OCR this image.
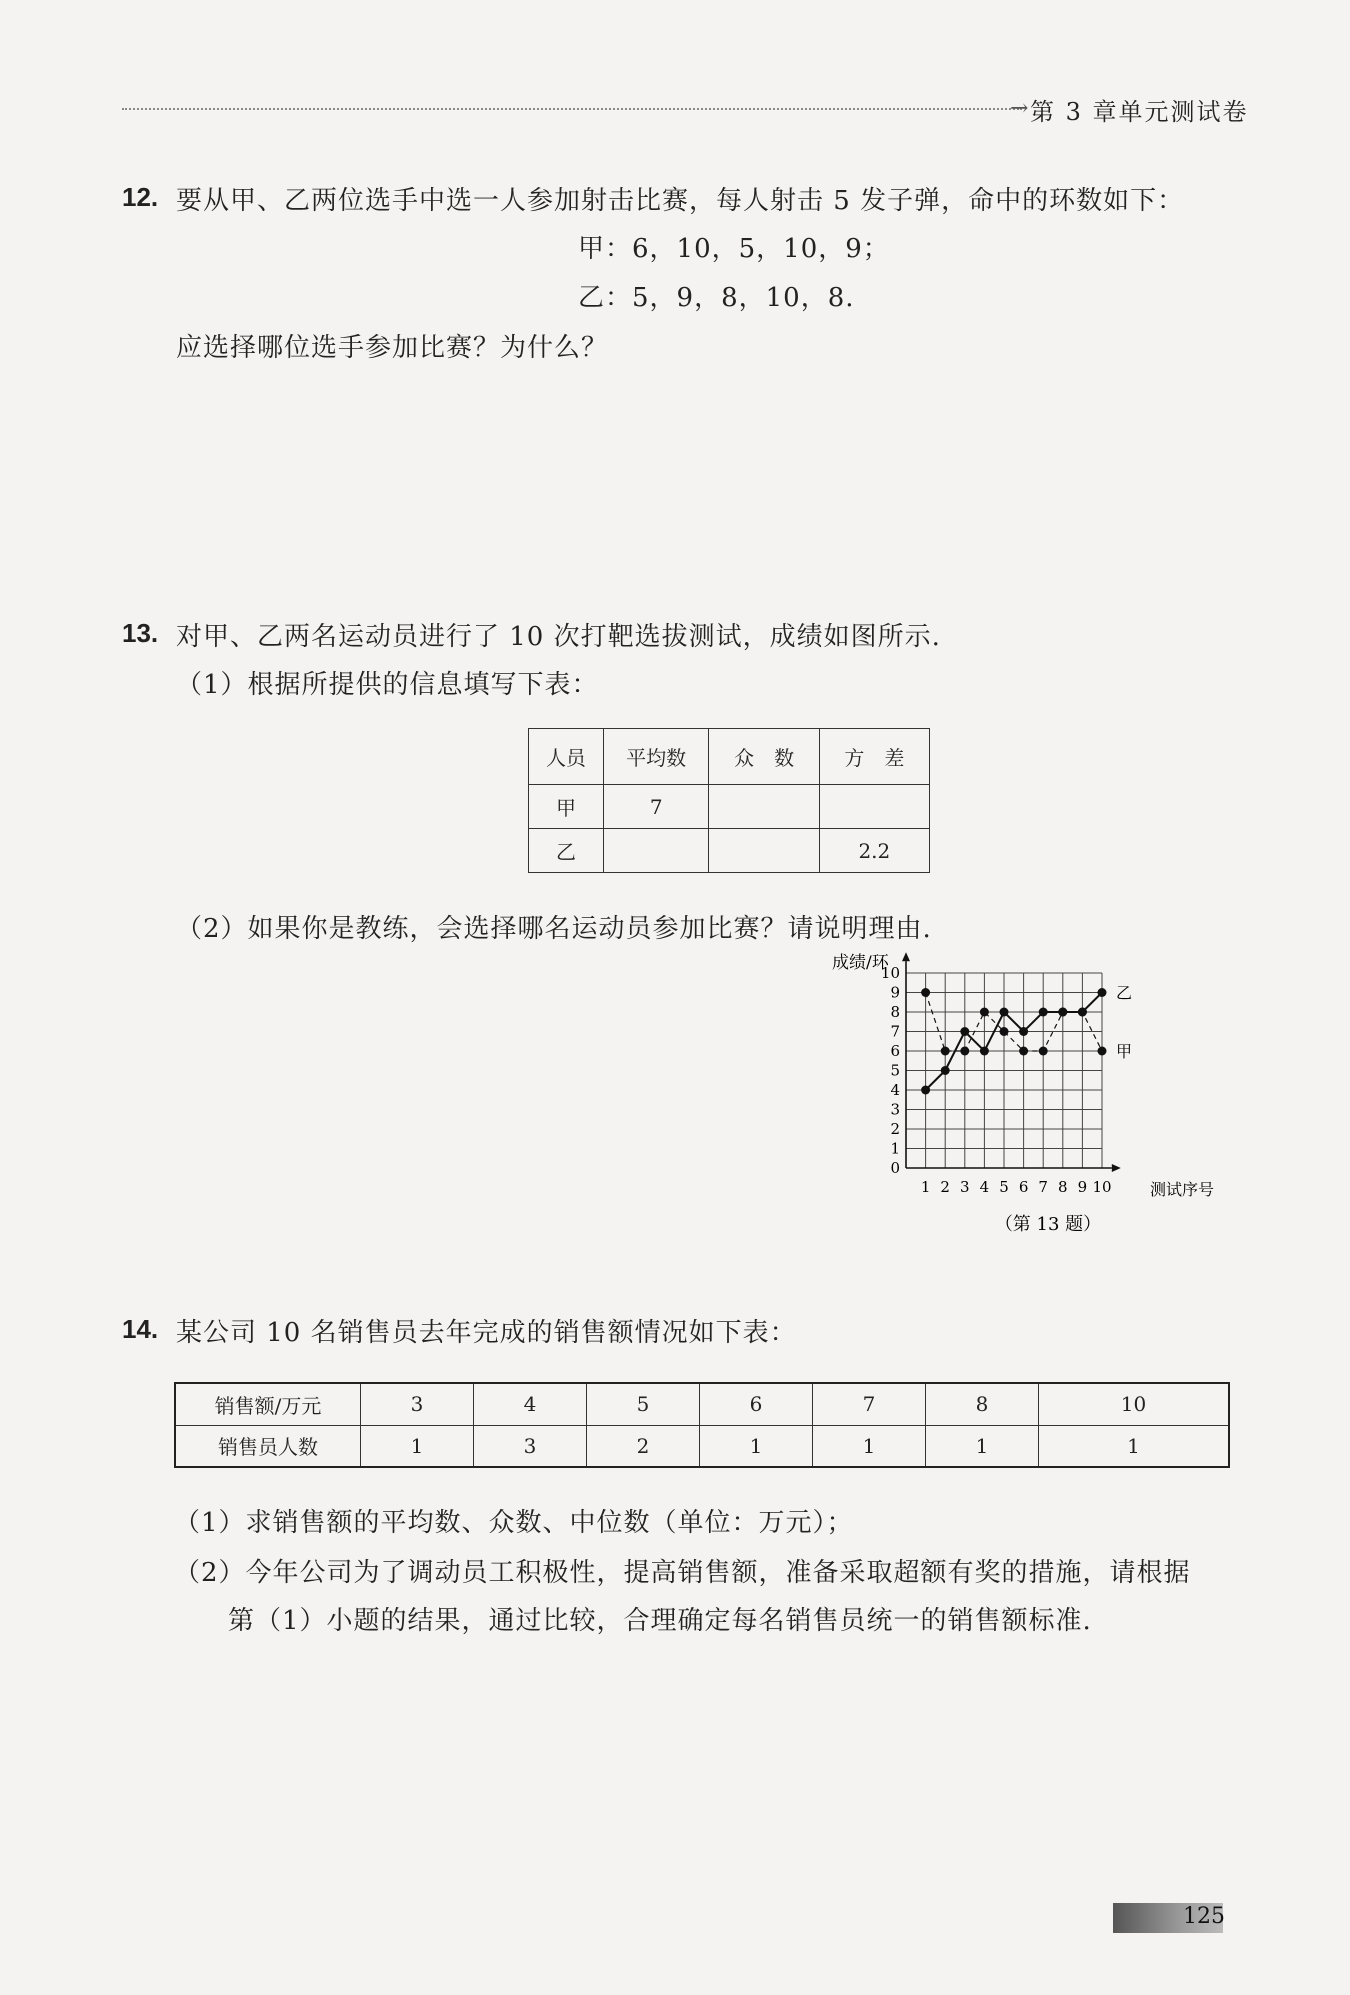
→ 第 3 章单元测试卷
12. 要从甲、乙两位选手中选一人参加射击比赛，每人射击 5 发子弹，命中的环数如下：
甲：6，10，5，10，9；
乙：5，9，8，10，8.
应选择哪位选手参加比赛？为什么？
13. 对甲、乙两名运动员进行了 10 次打靶选拔测试，成绩如图所示.
（1）根据所提供的信息填写下表：
人员	平均数	众　数	方　差
甲	7		
乙			2.2
（2）如果你是教练，会选择哪名运动员参加比赛？请说明理由.
成绩/环
测试序号
（第 13 题）
0
1
2
3
4
5
6
7
8
9
10
1 2 3 4 5 6 7 8 9 10
甲
乙
14. 某公司 10 名销售员去年完成的销售额情况如下表：
销售额/万元	3	4	5	6	7	8	10
销售员人数	1	3	2	1	1	1	1
（1）求销售额的平均数、众数、中位数（单位：万元）；
（2）今年公司为了调动员工积极性，提高销售额，准备采取超额有奖的措施，请根据
第（1）小题的结果，通过比较，合理确定每名销售员统一的销售额标准.
125
